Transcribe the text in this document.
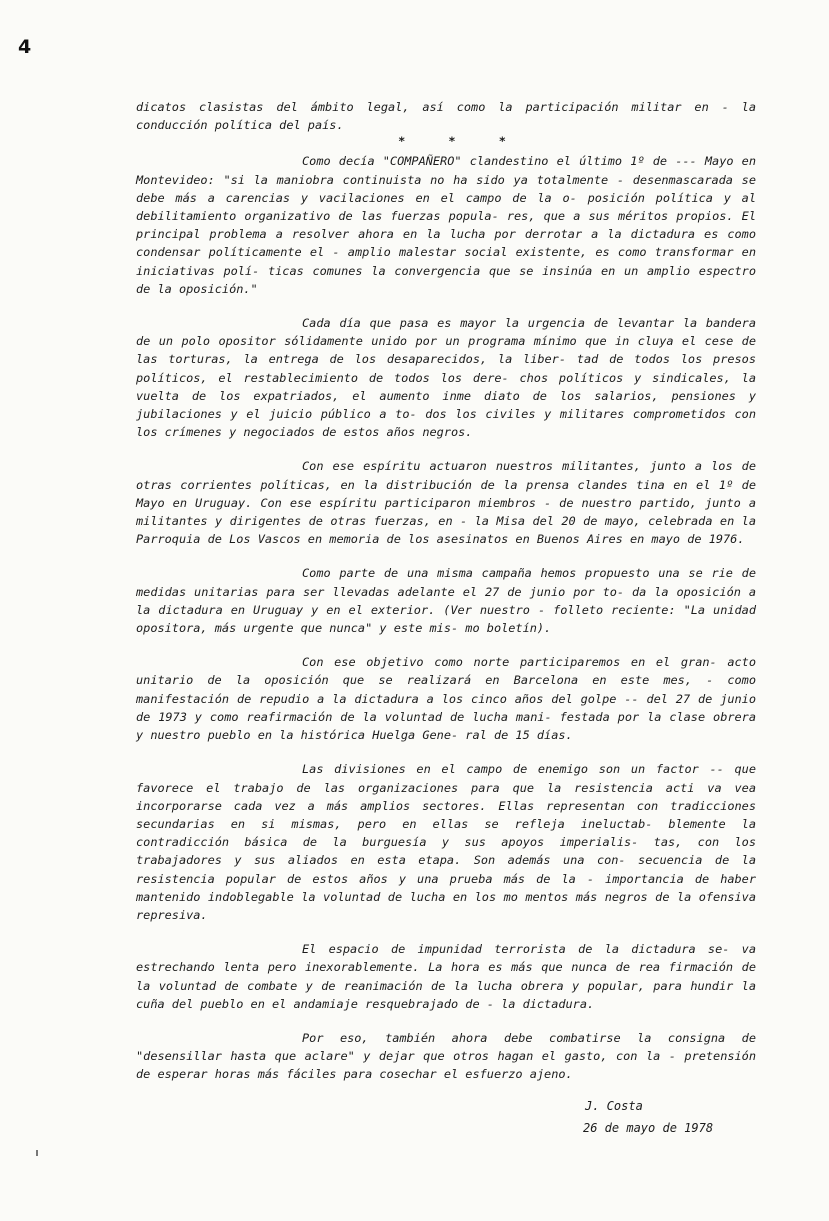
4

dicatos clasistas del ámbito legal, así como la participación militar en - la conducción política del país.

* * *

Como decía "COMPAÑERO" clandestino el último 1º de --- Mayo en Montevideo: "si la maniobra continuista no ha sido ya totalmente - desenmascarada se debe más a carencias y vacilaciones en el campo de la o- posición política y al debilitamiento organizativo de las fuerzas popula- res, que a sus méritos propios. El principal problema a resolver ahora en la lucha por derrotar a la dictadura es como condensar políticamente el - amplio malestar social existente, es como transformar en iniciativas polí- ticas comunes la convergencia que se insinúa en un amplio espectro de la oposición."

Cada día que pasa es mayor la urgencia de levantar la bandera de un polo opositor sólidamente unido por un programa mínimo que in cluya el cese de las torturas, la entrega de los desaparecidos, la liber- tad de todos los presos políticos, el restablecimiento de todos los dere- chos políticos y sindicales, la vuelta de los expatriados, el aumento inme diato de los salarios, pensiones y jubilaciones y el juicio público a to- dos los civiles y militares comprometidos con los crímenes y negociados de estos años negros.

Con ese espíritu actuaron nuestros militantes, junto a los de otras corrientes políticas, en la distribución de la prensa clandes tina en el 1º de Mayo en Uruguay. Con ese espíritu participaron miembros - de nuestro partido, junto a militantes y dirigentes de otras fuerzas, en - la Misa del 20 de mayo, celebrada en la Parroquia de Los Vascos en memoria de los asesinatos en Buenos Aires en mayo de 1976.

Como parte de una misma campaña hemos propuesto una se rie de medidas unitarias para ser llevadas adelante el 27 de junio por to- da la oposición a la dictadura en Uruguay y en el exterior. (Ver nuestro - folleto reciente: "La unidad opositora, más urgente que nunca" y este mis- mo boletín).

Con ese objetivo como norte participaremos en el gran- acto unitario de la oposición que se realizará en Barcelona en este mes, - como manifestación de repudio a la dictadura a los cinco años del golpe -- del 27 de junio de 1973 y como reafirmación de la voluntad de lucha mani- festada por la clase obrera y nuestro pueblo en la histórica Huelga Gene- ral de 15 días.

Las divisiones en el campo de enemigo son un factor -- que favorece el trabajo de las organizaciones para que la resistencia acti va vea incorporarse cada vez a más amplios sectores. Ellas representan con tradicciones secundarias en si mismas, pero en ellas se refleja ineluctab- blemente la contradicción básica de la burguesía y sus apoyos imperialis- tas, con los trabajadores y sus aliados en esta etapa. Son además una con- secuencia de la resistencia popular de estos años y una prueba más de la - importancia de haber mantenido indoblegable la voluntad de lucha en los mo mentos más negros de la ofensiva represiva.

El espacio de impunidad terrorista de la dictadura se- va estrechando lenta pero inexorablemente. La hora es más que nunca de rea firmación de la voluntad de combate y de reanimación de la lucha obrera y popular, para hundir la cuña del pueblo en el andamiaje resquebrajado de - la dictadura.

Por eso, también ahora debe combatirse la consigna de "desensillar hasta que aclare" y dejar que otros hagan el gasto, con la - pretensión de esperar horas más fáciles para cosechar el esfuerzo ajeno.

J. Costa
26 de mayo de 1978
